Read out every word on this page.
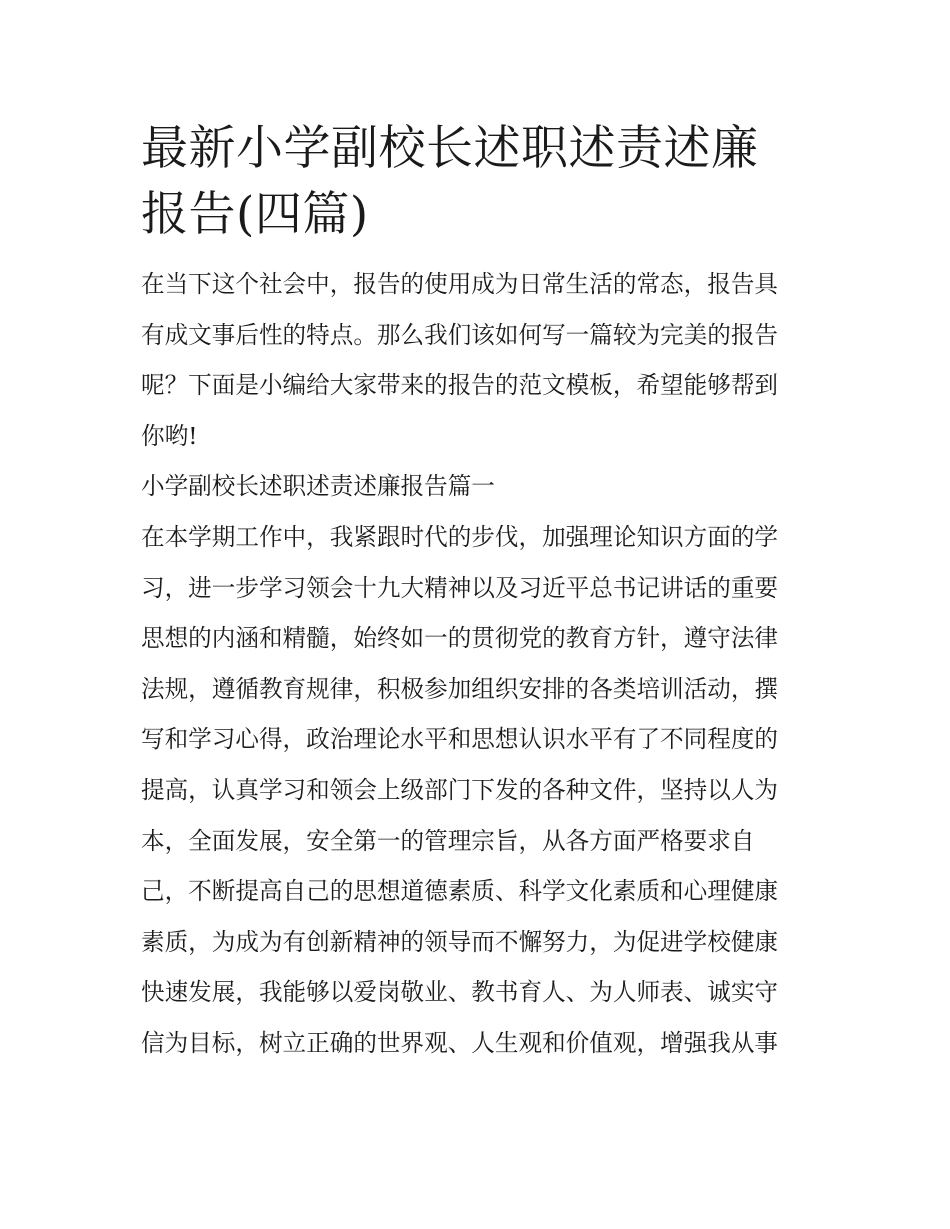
最新小学副校长述职述责述廉
报告(四篇)
在当下这个社会中，报告的使用成为日常生活的常态，报告具
有成文事后性的特点。那么我们该如何写一篇较为完美的报告
呢？下面是小编给大家带来的报告的范文模板，希望能够帮到
你哟!
小学副校长述职述责述廉报告篇一
在本学期工作中，我紧跟时代的步伐，加强理论知识方面的学
习，进一步学习领会十九大精神以及习近平总书记讲话的重要
思想的内涵和精髓，始终如一的贯彻党的教育方针，遵守法律
法规，遵循教育规律，积极参加组织安排的各类培训活动，撰
写和学习心得，政治理论水平和思想认识水平有了不同程度的
提高，认真学习和领会上级部门下发的各种文件，坚持以人为
本，全面发展，安全第一的管理宗旨，从各方面严格要求自
己，不断提高自己的思想道德素质、科学文化素质和心理健康
素质，为成为有创新精神的领导而不懈努力，为促进学校健康
快速发展，我能够以爱岗敬业、教书育人、为人师表、诚实守
信为目标，树立正确的世界观、人生观和价值观，增强我从事
